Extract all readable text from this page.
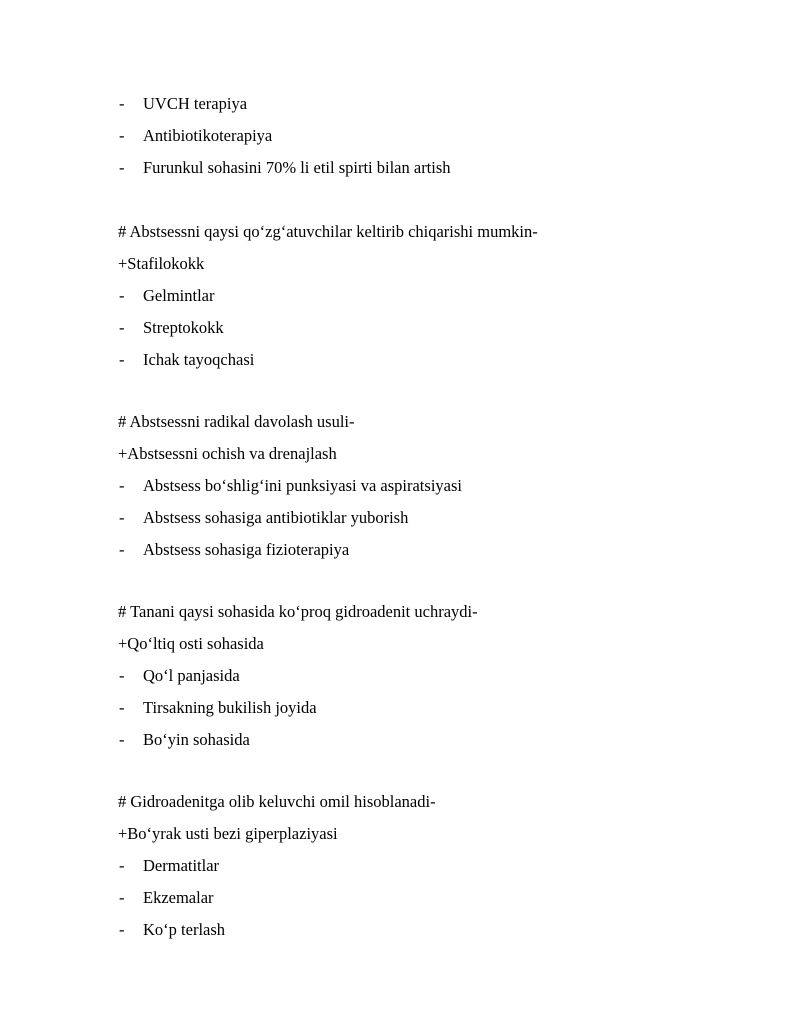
- UVCH terapiya
- Antibiotikoterapiya
- Furunkul sohasini 70% li etil spirti bilan artish
# Abstsessni qaysi qo‘zg‘atuvchilar keltirib chiqarishi mumkin-
+Stafilokokk
- Gelmintlar
- Streptokokk
- Ichak tayoqchasi
# Abstsessni radikal davolash usuli-
+Abstsessni ochish va drenajlash
- Abstsess bo‘shlig‘ini punksiyasi va aspiratsiyasi
- Abstsess sohasiga antibiotiklar yuborish
- Abstsess sohasiga fizioterapiya
# Tanani qaysi sohasida ko‘proq gidroadenit uchraydi-
+Qo‘ltiq osti sohasida
- Qo‘l panjasida
- Tirsakning bukilish joyida
- Bo‘yin sohasida
# Gidroadenitga olib keluvchi omil hisoblanadi-
+Bo‘yrak usti bezi giperplaziyasi
- Dermatitlar
- Ekzemalar
- Ko‘p terlash
